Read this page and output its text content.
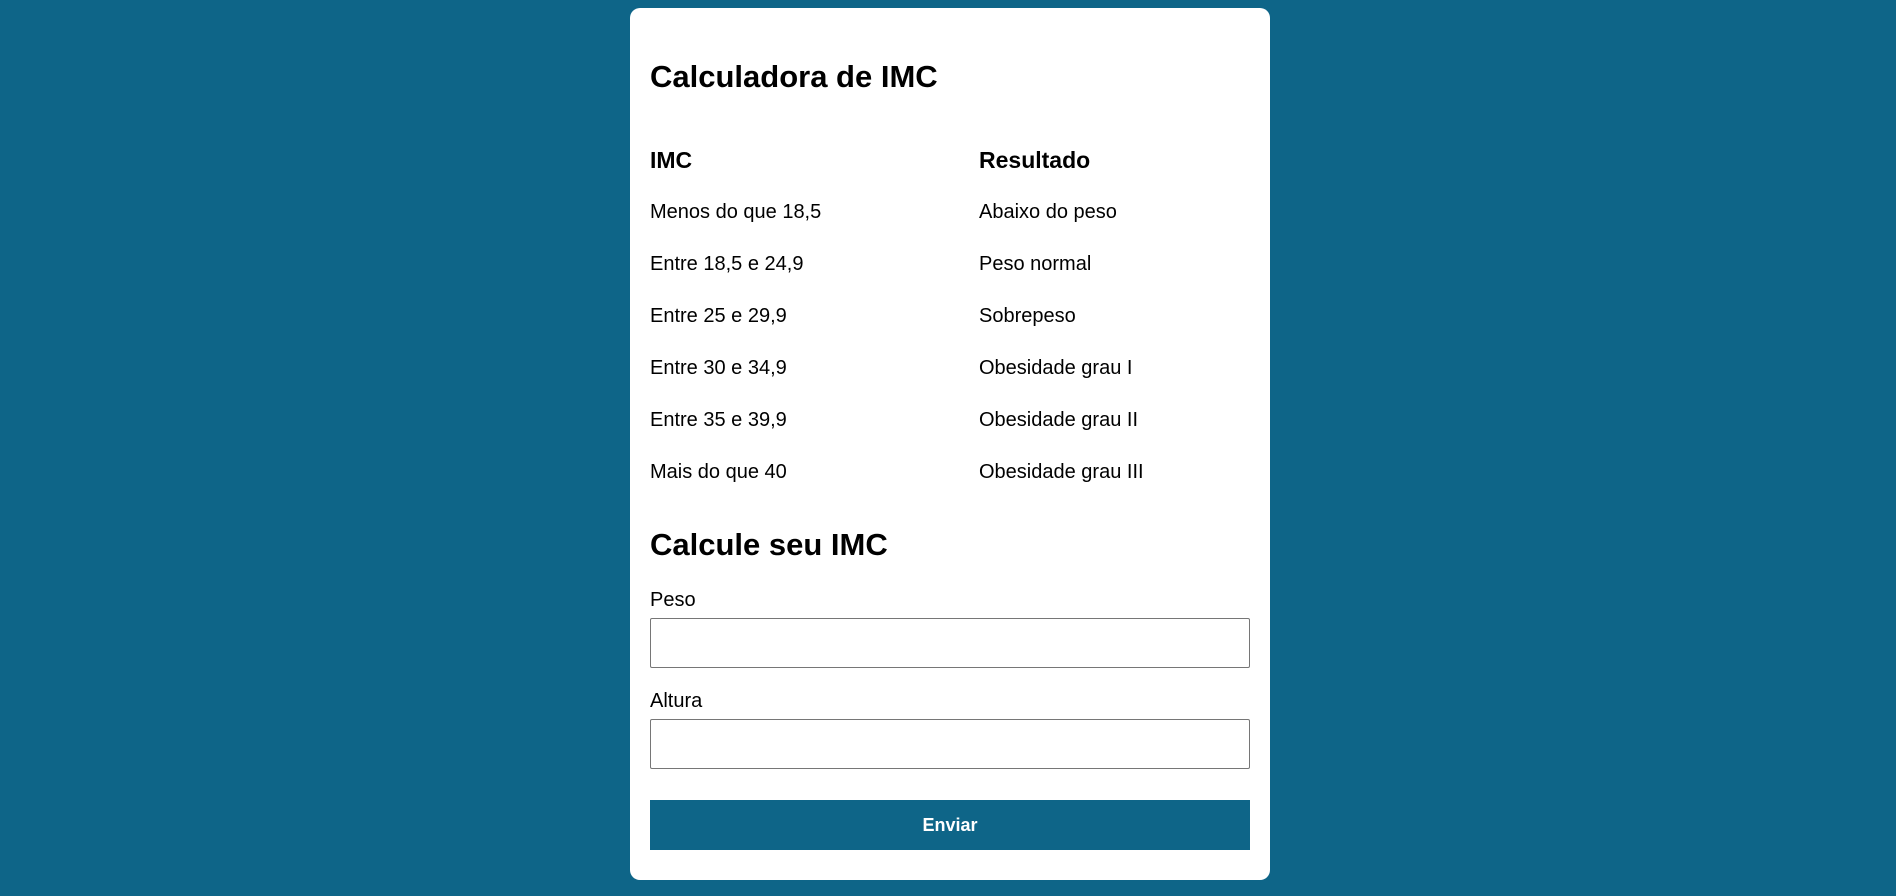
Calculadora de IMC
IMC	Resultado
Menos do que 18,5	Abaixo do peso
Entre 18,5 e 24,9	Peso normal
Entre 25 e 29,9	Sobrepeso
Entre 30 e 34,9	Obesidade grau I
Entre 35 e 39,9	Obesidade grau II
Mais do que 40	Obesidade grau III
Calcule seu IMC
Peso
Altura
Enviar
